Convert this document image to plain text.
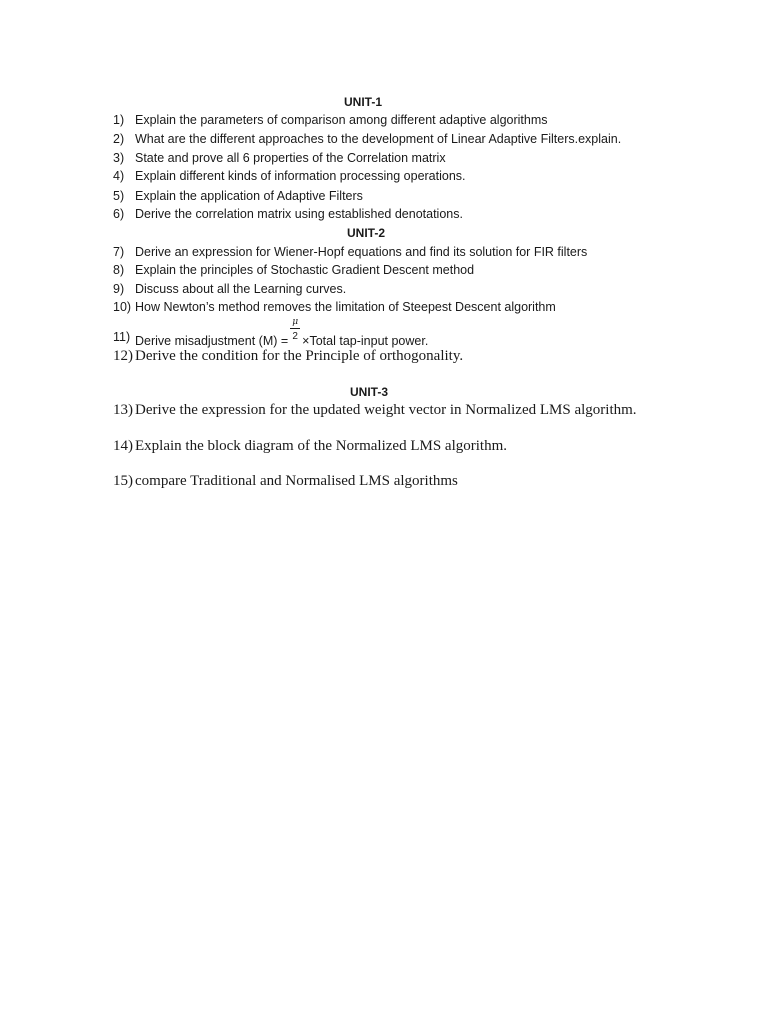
UNIT-1
1) Explain the parameters of comparison among different adaptive algorithms
2) What are the different approaches to the development of Linear Adaptive Filters.explain.
3) State and prove all 6 properties of the Correlation matrix
4) Explain different kinds of information processing operations.
5) Explain the application of Adaptive Filters
6) Derive the correlation matrix using established denotations.
UNIT-2
7) Derive an expression for Wiener-Hopf equations and find its solution for FIR filters
8) Explain the principles of Stochastic Gradient Descent method
9) Discuss about all the Learning curves.
10) How Newton’s method removes the limitation of Steepest Descent algorithm
11) Derive misadjustment $(M) = \frac{\mu}{2}$ ×Total tap-input power.
12) Derive the condition for the Principle of orthogonality.
UNIT-3
13) Derive the expression for the updated weight vector in Normalized LMS algorithm.
14) Explain the block diagram of the Normalized LMS algorithm.
15) compare Traditional and Normalised LMS algorithms
